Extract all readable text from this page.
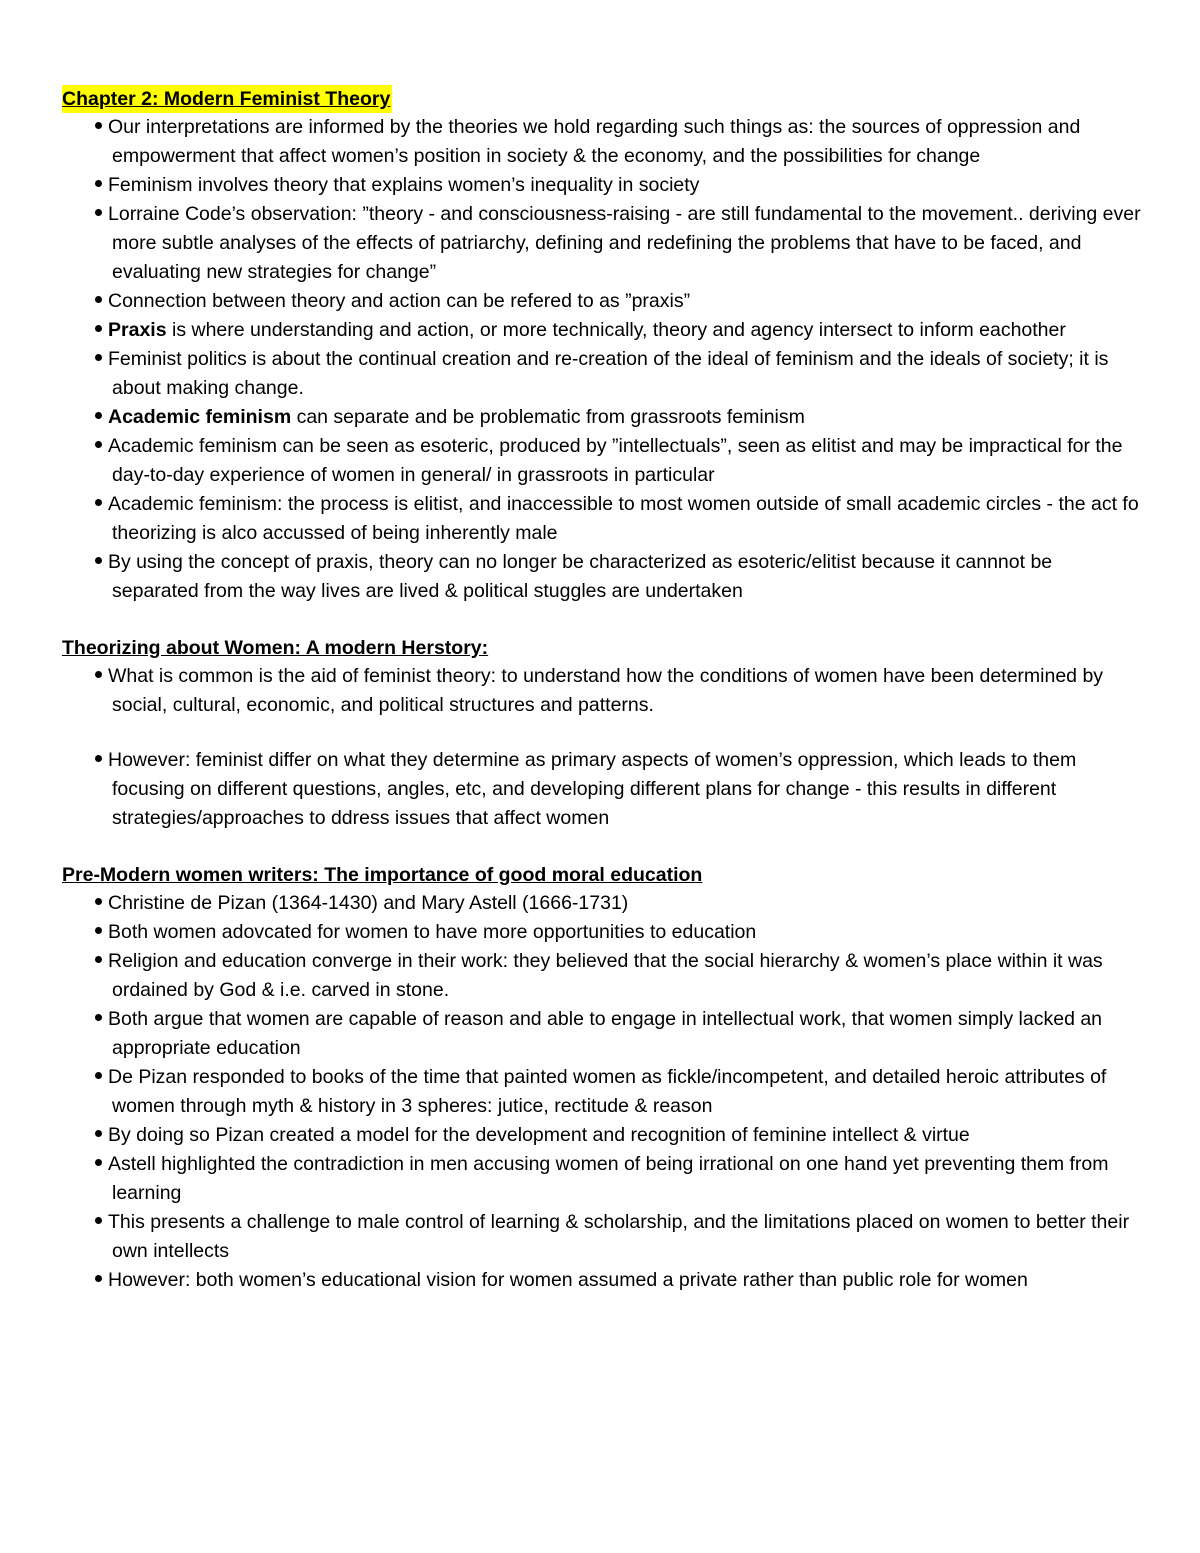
Chapter 2: Modern Feminist Theory
Our interpretations are informed by the theories we hold regarding such things as: the sources of oppression and empowerment that affect women’s position in society & the economy, and the possibilities for change
Feminism involves theory that explains women’s inequality in society
Lorraine Code’s observation: ”theory - and consciousness-raising - are still fundamental to the movement.. deriving ever more subtle analyses of the effects of patriarchy, defining and redefining the problems that have to be faced, and evaluating new strategies for change”
Connection between theory and action can be refered to as ”praxis”
Praxis is where understanding and action, or more technically, theory and agency intersect to inform eachother
Feminist politics is about the continual creation and re-creation of the ideal of feminism and the ideals of society; it is about making change.
Academic feminism can separate and be problematic from grassroots feminism
Academic feminism can be seen as esoteric, produced by ”intellectuals”, seen as elitist and may be impractical for the day-to-day experience of women in general/ in grassroots in particular
Academic feminism: the process is elitist, and inaccessible to most women outside of small academic circles - the act fo theorizing is alco accussed of being inherently male
By using the concept of praxis, theory can no longer be characterized as esoteric/elitist because it cannnot be separated from the way lives are lived & political stuggles are undertaken
Theorizing about Women: A modern Herstory:
What is common is the aid of feminist theory: to understand how the conditions of women have been determined by social, cultural, economic, and political structures and patterns.
However: feminist differ on what they determine as primary aspects of women’s oppression, which leads to them focusing on different questions, angles, etc, and developing different plans for change - this results in different strategies/approaches to ddress issues that affect women
Pre-Modern women writers: The importance of good moral education
Christine de Pizan (1364-1430) and Mary Astell (1666-1731)
Both women adovcated for women to have more opportunities to education
Religion and education converge in their work: they believed that the social hierarchy & women’s place within it was ordained by God & i.e. carved in stone.
Both argue that women are capable of reason and able to engage in intellectual work, that women simply lacked an appropriate education
De Pizan responded to books of the time that painted women as fickle/incompetent, and detailed heroic attributes of women through myth & history in 3 spheres: jutice, rectitude & reason
By doing so Pizan created a model for the development and recognition of feminine intellect & virtue
Astell highlighted the contradiction in men accusing women of being irrational on one hand yet preventing them from learning
This presents a challenge to male control of learning & scholarship, and the limitations placed on women to better their own intellects
However: both women’s educational vision for women assumed a private rather than public role for women
